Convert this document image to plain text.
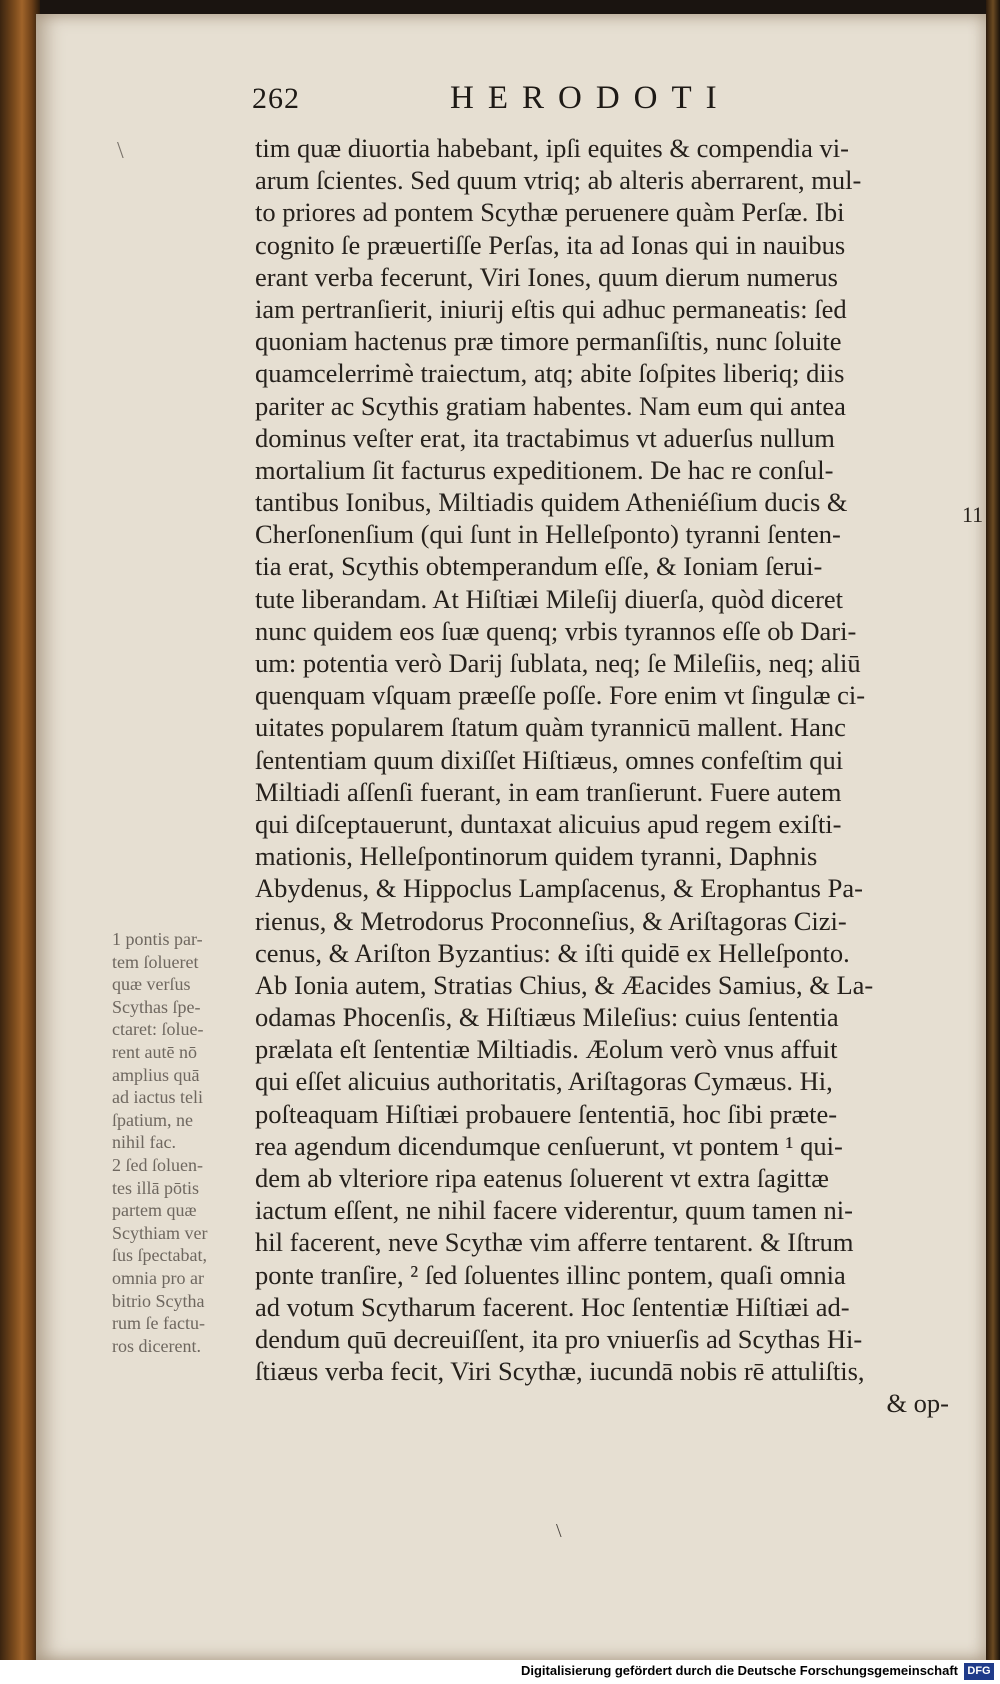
262	HERODOTI
\	tim quæ diuortia habebant, ipſi equites & compendia vi-
arum ſcientes. Sed quum vtriq; ab alteris aberrarent, mul-
to priores ad pontem Scythæ peruenere quàm Perſæ. Ibi
cognito ſe præuertiſſe Perſas, ita ad Ionas qui in nauibus
erant verba fecerunt, Viri Iones, quum dierum numerus
iam pertranſierit, iniurij eſtis qui adhuc permaneatis: ſed
quoniam hactenus præ timore permanſiſtis, nunc ſoluite
quamcelerrimè traiectum, atq; abite ſoſpites liberiq; diis
pariter ac Scythis gratiam habentes. Nam eum qui antea
dominus veſter erat, ita tractabimus vt aduerſus nullum
mortalium ſit facturus expeditionem. De hac re conſul-
tantibus Ionibus, Miltiadis quidem Atheniéſium ducis &
Cherſonenſium (qui ſunt in Helleſponto) tyranni ſenten-
tia erat, Scythis obtemperandum eſſe, & Ioniam ſerui-
tute liberandam. At Hiſtiæi Mileſij diuerſa, quòd diceret
nunc quidem eos ſuæ quenq; vrbis tyrannos eſſe ob Dari-
um: potentia verò Darij ſublata, neq; ſe Mileſiis, neq; aliū
quenquam vſquam præeſſe poſſe. Fore enim vt ſingulæ ci-
uitates popularem ſtatum quàm tyrannicū mallent. Hanc
ſententiam quum dixiſſet Hiſtiæus, omnes confeſtim qui
Miltiadi aſſenſi fuerant, in eam tranſierunt. Fuere autem
qui diſceptauerunt, duntaxat alicuius apud regem exiſti-
mationis, Helleſpontinorum quidem tyranni, Daphnis
Abydenus, & Hippoclus Lampſacenus, & Erophantus Pa-
rienus, & Metrodorus Proconneſius, & Ariſtagoras Cizi-
cenus, & Ariſton Byzantius: & iſti quidē ex Helleſponto.
Ab Ionia autem, Stratias Chius, & Æacides Samius, & La-
odamas Phocenſis, & Hiſtiæus Mileſius: cuius ſententia
prælata eſt ſententiæ Miltiadis. Æolum verò vnus affuit
qui eſſet alicuius authoritatis, Ariſtagoras Cymæus. Hi,
poſteaquam Hiſtiæi probauere ſententiā, hoc ſibi præte-
rea agendum dicendumque cenſuerunt, vt pontem ¹ qui-
dem ab vlteriore ripa eatenus ſoluerent vt extra ſagittæ
iactum eſſent, ne nihil facere viderentur, quum tamen ni-
hil facerent, neve Scythæ vim afferre tentarent. & Iſtrum
ponte tranſire, ² ſed ſoluentes illinc pontem, quaſi omnia
ad votum Scytharum facerent. Hoc ſententiæ Hiſtiæi ad-
dendum quū decreuiſſent, ita pro vniuerſis ad Scythas Hi-
ſtiæus verba fecit, Viri Scythæ, iucundā nobis rē attuliſtis,
& op-
11
1 pontis par-
tem ſolueret
quæ verſus
Scythas ſpe-
ctaret: ſolue-
rent autē nō
amplius quā
ad iactus teli
ſpatium, ne
nihil fac.
2 ſed ſoluen-
tes illā pōtis
partem quæ
Scythiam ver
ſus ſpectabat,
omnia pro ar
bitrio Scytha
rum ſe factu-
ros dicerent.
\
Digitalisierung gefördert durch die Deutsche Forschungsgemeinschaft DFG
